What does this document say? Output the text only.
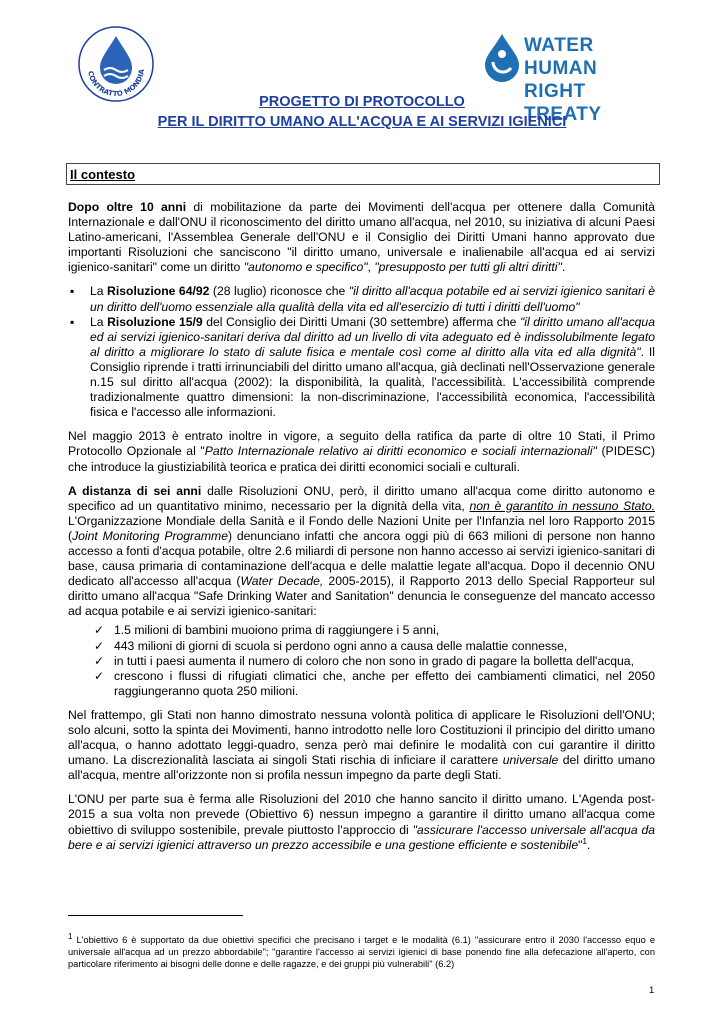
CONTRATTO MONDIA
WATER HUMAN
RIGHT TREATY
PROGETTO DI PROTOCOLLO
PER IL DIRITTO UMANO ALL'ACQUA E AI SERVIZI IGIENICI
Il contesto

Dopo oltre 10 anni di mobilitazione da parte dei Movimenti dell'acqua per ottenere dalla Comunità Internazionale e dall'ONU il riconoscimento del diritto umano all'acqua, nel 2010, su iniziativa di alcuni Paesi Latino-americani, l'Assemblea Generale dell'ONU e il Consiglio dei Diritti Umani hanno approvato due importanti Risoluzioni che sanciscono "il diritto umano, universale e inalienabile all'acqua ed ai servizi igienico-sanitari" come un diritto "autonomo e specifico", "presupposto per tutti gli altri diritti".

▪ La Risoluzione 64/92 (28 luglio) riconosce che "il diritto all'acqua potabile ed ai servizi igienico sanitari è un diritto dell'uomo essenziale alla qualità della vita ed all'esercizio di tutti i diritti dell'uomo"
▪ La Risoluzione 15/9 del Consiglio dei Diritti Umani (30 settembre) afferma che "il diritto umano all'acqua ed ai servizi igienico-sanitari deriva dal diritto ad un livello di vita adeguato ed è indissolubilmente legato al diritto a migliorare lo stato di salute fisica e mentale così come al diritto alla vita ed alla dignità". Il Consiglio riprende i tratti irrinunciabili del diritto umano all'acqua, già declinati nell'Osservazione generale n.15 sul diritto all'acqua (2002): la disponibilità, la qualità, l'accessibilità. L'accessibilità comprende tradizionalmente quattro dimensioni: la non-discriminazione, l'accessibilità economica, l'accessibilità fisica e l'accesso alle informazioni.

Nel maggio 2013 è entrato inoltre in vigore, a seguito della ratifica da parte di oltre 10 Stati, il Primo Protocollo Opzionale al "Patto Internazionale relativo ai diritti economico e sociali internazionali" (PIDESC) che introduce la giustiziabilità teorica e pratica dei diritti economici sociali e culturali.

A distanza di sei anni dalle Risoluzioni ONU, però, il diritto umano all'acqua come diritto autonomo e specifico ad un quantitativo minimo, necessario per la dignità della vita, non è garantito in nessuno Stato. L'Organizzazione Mondiale della Sanità e il Fondo delle Nazioni Unite per l'Infanzia nel loro Rapporto 2015 (Joint Monitoring Programme) denunciano infatti che ancora oggi più di 663 milioni di persone non hanno accesso a fonti d'acqua potabile, oltre 2.6 miliardi di persone non hanno accesso ai servizi igienico-sanitari di base, causa primaria di contaminazione dell'acqua e delle malattie legate all'acqua. Dopo il decennio ONU dedicato all'accesso all'acqua (Water Decade, 2005-2015), il Rapporto 2013 dello Special Rapporteur sul diritto umano all'acqua "Safe Drinking Water and Sanitation" denuncia le conseguenze del mancato accesso ad acqua potabile e ai servizi igienico-sanitari:

✓ 1.5 milioni di bambini muoiono prima di raggiungere i 5 anni,
✓ 443 milioni di giorni di scuola si perdono ogni anno a causa delle malattie connesse,
✓ in tutti i paesi aumenta il numero di coloro che non sono in grado di pagare la bolletta dell'acqua,
✓ crescono i flussi di rifugiati climatici che, anche per effetto dei cambiamenti climatici, nel 2050 raggiungeranno quota 250 milioni.

Nel frattempo, gli Stati non hanno dimostrato nessuna volontà politica di applicare le Risoluzioni dell'ONU; solo alcuni, sotto la spinta dei Movimenti, hanno introdotto nelle loro Costituzioni il principio del diritto umano all'acqua, o hanno adottato leggi-quadro, senza però mai definire le modalità con cui garantire il diritto umano. La discrezionalità lasciata ai singoli Stati rischia di inficiare il carattere universale del diritto umano all'acqua, mentre all'orizzonte non si profila nessun impegno da parte degli Stati.

L'ONU per parte sua è ferma alle Risoluzioni del 2010 che hanno sancito il diritto umano. L'Agenda post-2015 a sua volta non prevede (Obiettivo 6) nessun impegno a garantire il diritto umano all'acqua come obiettivo di sviluppo sostenibile, prevale piuttosto l'approccio di "assicurare l'accesso universale all'acqua da bere e ai servizi igienici attraverso un prezzo accessibile e una gestione efficiente e sostenibile"$^1$.

$^1$ L'obiettivo 6 è supportato da due obiettivi specifici che precisano i target e le modalità (6.1) "assicurare entro il 2030 l'accesso equo e universale all'acqua ad un prezzo abbordabile"; "garantire l'accesso ai servizi igienici di base ponendo fine alla defecazione all'aperto, con particolare riferimento ai bisogni delle donne e delle ragazze, e dei gruppi più vulnerabili" (6.2)
1
